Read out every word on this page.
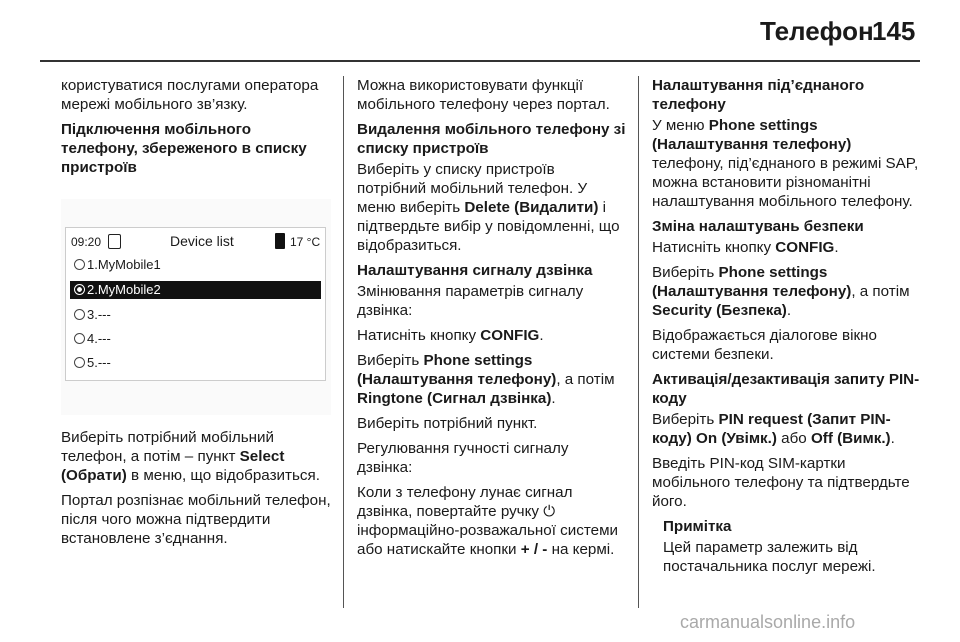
Телефон
145

користуватися послугами оператора мережі мобільного зв’язку.

Підключення мобільного телефону, збереженого в списку пристроїв

09:20	Device list	17 °C
1.MyMobile1
2.MyMobile2
3.---
4.---
5.---

Виберіть потрібний мобільний телефон, а потім – пункт Select (Обрати) в меню, що відобразиться.

Портал розпізнає мобільний телефон, після чого можна підтвердити встановлене з’єднання.

Можна використовувати функції мобільного телефону через портал.

Видалення мобільного телефону зі списку пристроїв

Виберіть у списку пристроїв потрібний мобільний телефон. У меню виберіть Delete (Видалити) і підтвердьте вибір у повідомленні, що відобразиться.

Налаштування сигналу дзвінка

Змінювання параметрів сигналу дзвінка:

Натисніть кнопку CONFIG.

Виберіть Phone settings (Налаштування телефону), а потім Ringtone (Сигнал дзвінка).

Виберіть потрібний пункт.

Регулювання гучності сигналу дзвінка:

Коли з телефону лунає сигнал дзвінка, повертайте ручку ⏻ інформаційно-розважальної системи або натискайте кнопки + / - на кермі.

Налаштування під’єднаного телефону

У меню Phone settings (Налаштування телефону) телефону, під’єднаного в режимі SAP, можна встановити різноманітні налаштування мобільного телефону.

Зміна налаштувань безпеки

Натисніть кнопку CONFIG.

Виберіть Phone settings (Налаштування телефону), а потім Security (Безпека).

Відображається діалогове вікно системи безпеки.

Активація/дезактивація запиту PIN-коду

Виберіть PIN request (Запит PIN-коду) On (Увімк.) або Off (Вимк.).

Введіть PIN-код SIM-картки мобільного телефону та підтвердьте його.

Примітка

Цей параметр залежить від постачальника послуг мережі.

carmanualsonline.info
